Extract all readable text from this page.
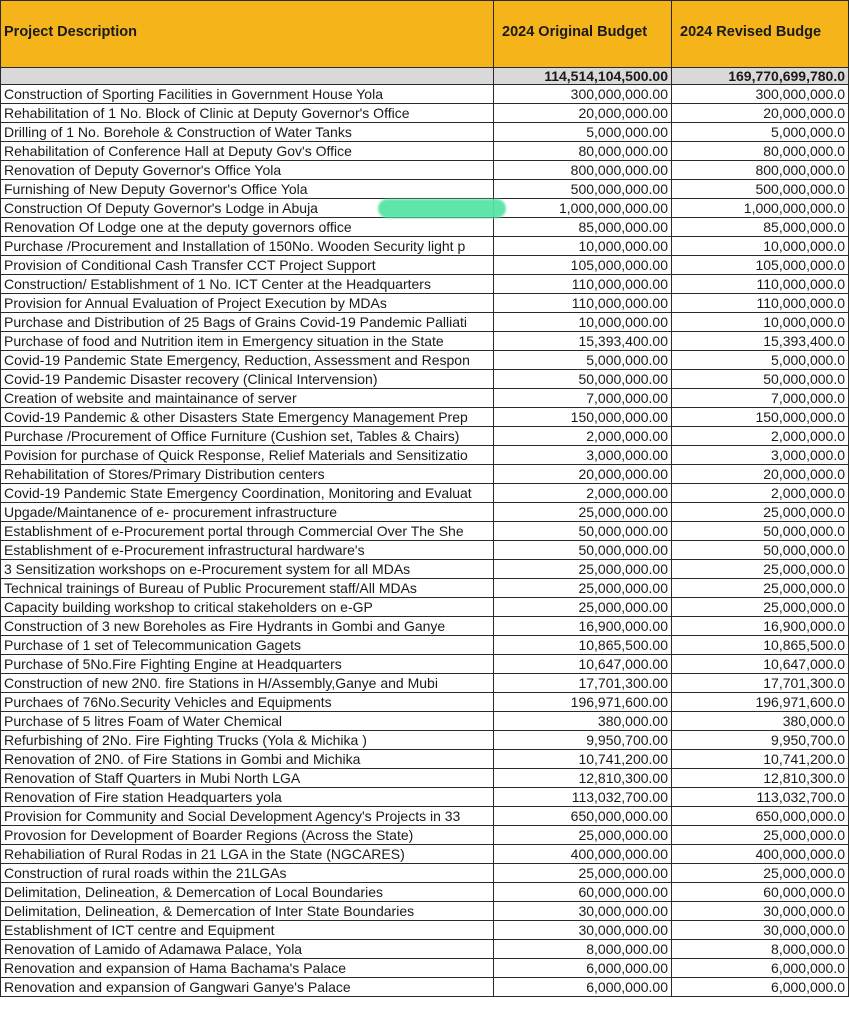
Project Description	2024 Original Budget	2024 Revised Budge
	114,514,104,500.00	169,770,699,780.0
Construction of Sporting Facilities in Government House Yola	300,000,000.00	300,000,000.0
Rehabilitation of 1 No. Block of Clinic at Deputy Governor's Office	20,000,000.00	20,000,000.0
Drilling of 1 No. Borehole & Construction of Water Tanks	5,000,000.00	5,000,000.0
Rehabilitation of Conference Hall at Deputy Gov's Office	80,000,000.00	80,000,000.0
Renovation of Deputy Governor's Office Yola	800,000,000.00	800,000,000.0
Furnishing of New Deputy Governor's Office Yola	500,000,000.00	500,000,000.0
Construction Of Deputy Governor's Lodge in Abuja	1,000,000,000.00	1,000,000,000.0
Renovation Of Lodge one at the deputy governors office	85,000,000.00	85,000,000.0
Purchase /Procurement and Installation of 150No. Wooden Security light p	10,000,000.00	10,000,000.0
Provision of Conditional Cash Transfer CCT Project Support	105,000,000.00	105,000,000.0
Construction/ Establishment of 1 No. ICT Center at the Headquarters	110,000,000.00	110,000,000.0
Provision for Annual Evaluation of Project Execution by MDAs	110,000,000.00	110,000,000.0
Purchase and Distribution of 25 Bags of Grains Covid-19 Pandemic Palliati	10,000,000.00	10,000,000.0
Purchase of food and Nutrition item in Emergency situation in the State	15,393,400.00	15,393,400.0
Covid-19 Pandemic State Emergency, Reduction, Assessment and Respon	5,000,000.00	5,000,000.0
Covid-19 Pandemic Disaster recovery (Clinical Intervension)	50,000,000.00	50,000,000.0
Creation of website and maintainance of server	7,000,000.00	7,000,000.0
Covid-19 Pandemic & other Disasters State Emergency Management Prep	150,000,000.00	150,000,000.0
Purchase /Procurement of Office Furniture (Cushion set, Tables & Chairs)	2,000,000.00	2,000,000.0
Povision for purchase of Quick Response, Relief Materials and Sensitizatio	3,000,000.00	3,000,000.0
Rehabilitation of Stores/Primary Distribution centers	20,000,000.00	20,000,000.0
Covid-19 Pandemic State Emergency Coordination, Monitoring and Evaluat	2,000,000.00	2,000,000.0
Upgade/Maintanence of e- procurement infrastructure	25,000,000.00	25,000,000.0
Establishment of e-Procurement portal through Commercial Over The She	50,000,000.00	50,000,000.0
Establishment of e-Procurement infrastructural hardware's	50,000,000.00	50,000,000.0
3 Sensitization workshops on e-Procurement system for all MDAs	25,000,000.00	25,000,000.0
Technical trainings of Bureau of Public Procurement staff/All MDAs	25,000,000.00	25,000,000.0
Capacity building workshop to critical stakeholders on e-GP	25,000,000.00	25,000,000.0
Construction of 3 new Boreholes as Fire Hydrants in Gombi and Ganye	16,900,000.00	16,900,000.0
Purchase of 1 set of Telecommunication Gagets	10,865,500.00	10,865,500.0
Purchase of 5No.Fire Fighting Engine at Headquarters	10,647,000.00	10,647,000.0
Construction of new 2N0. fire Stations in H/Assembly,Ganye and Mubi	17,701,300.00	17,701,300.0
Purchaes of 76No.Security Vehicles and Equipments	196,971,600.00	196,971,600.0
Purchase of 5 litres Foam of Water Chemical	380,000.00	380,000.0
Refurbishing of 2No. Fire Fighting Trucks (Yola & Michika )	9,950,700.00	9,950,700.0
Renovation of 2N0. of Fire Stations in Gombi and Michika	10,741,200.00	10,741,200.0
Renovation of Staff Quarters in Mubi North LGA	12,810,300.00	12,810,300.0
Renovation of Fire station Headquarters yola	113,032,700.00	113,032,700.0
Provision for Community and Social Development Agency's Projects in 33	650,000,000.00	650,000,000.0
Provosion for Development of Boarder Regions (Across the State)	25,000,000.00	25,000,000.0
Rehabiliation of Rural Rodas in 21 LGA in the State (NGCARES)	400,000,000.00	400,000,000.0
Construction of rural roads within the 21LGAs	25,000,000.00	25,000,000.0
Delimitation, Delineation, & Demercation of Local Boundaries	60,000,000.00	60,000,000.0
Delimitation, Delineation, & Demercation of Inter State Boundaries	30,000,000.00	30,000,000.0
Establishment of ICT centre and Equipment	30,000,000.00	30,000,000.0
Renovation of Lamido of Adamawa Palace, Yola	8,000,000.00	8,000,000.0
Renovation and expansion of Hama Bachama's Palace	6,000,000.00	6,000,000.0
Renovation and expansion of Gangwari Ganye's Palace	6,000,000.00	6,000,000.0
